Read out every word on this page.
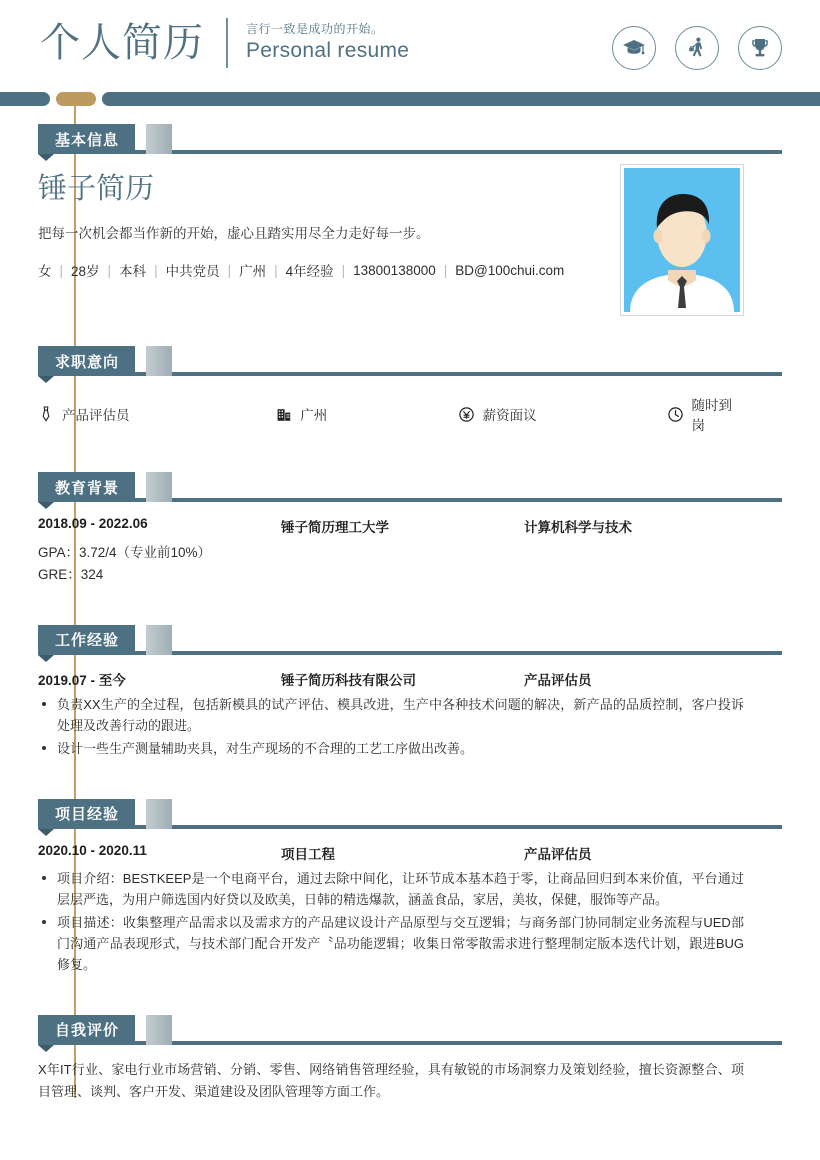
个人简历	言行一致是成功的开始。
Personal resume
基本信息
锤子简历
把每一次机会都当作新的开始，虚心且踏实用尽全力走好每一步。
女 | 28岁 | 本科 | 中共党员 | 广州 | 4年经验 | 13800138000 | BD@100chui.com
求职意向
产品评估员	广州	薪资面议
随时到岗
教育背景
2018.09 - 2022.06	锤子简历理工大学	计算机科学与技术
GPA：3.72/4（专业前10%）
GRE：324
工作经验
2019.07 - 至今	锤子简历科技有限公司	产品评估员
负责XX生产的全过程，包括新模具的试产评估、模具改进，生产中各种技术问题的解决，新产品的品质控制，客户投诉处理及改善行动的跟进。
设计一些生产测量辅助夹具，对生产现场的不合理的工艺工序做出改善。
项目经验
2020.10 - 2020.11	项目工程	产品评估员
项目介绍：BESTKEEP是一个电商平台，通过去除中间化，让环节成本基本趋于零，让商品回归到本来价值，平台通过层层严选，为用户筛选国内好贷以及欧美，日韩的精选爆款，涵盖食品，家居，美妆，保健，服饰等产品。
项目描述：收集整理产品需求以及需求方的产品建议设计产品原型与交互逻辑；与商务部门协同制定业务流程与UED部门沟通产品表现形式，与技术部门配合开发产〝品功能逻辑；收集日常零散需求进行整理制定版本迭代计划，跟进BUG修复。
自我评价
X年IT行业、家电行业市场营销、分销、零售、网络销售管理经验，具有敏锐的市场洞察力及策划经验，擅长资源整合、项目管理、谈判、客户开发、渠道建设及团队管理等方面工作。
